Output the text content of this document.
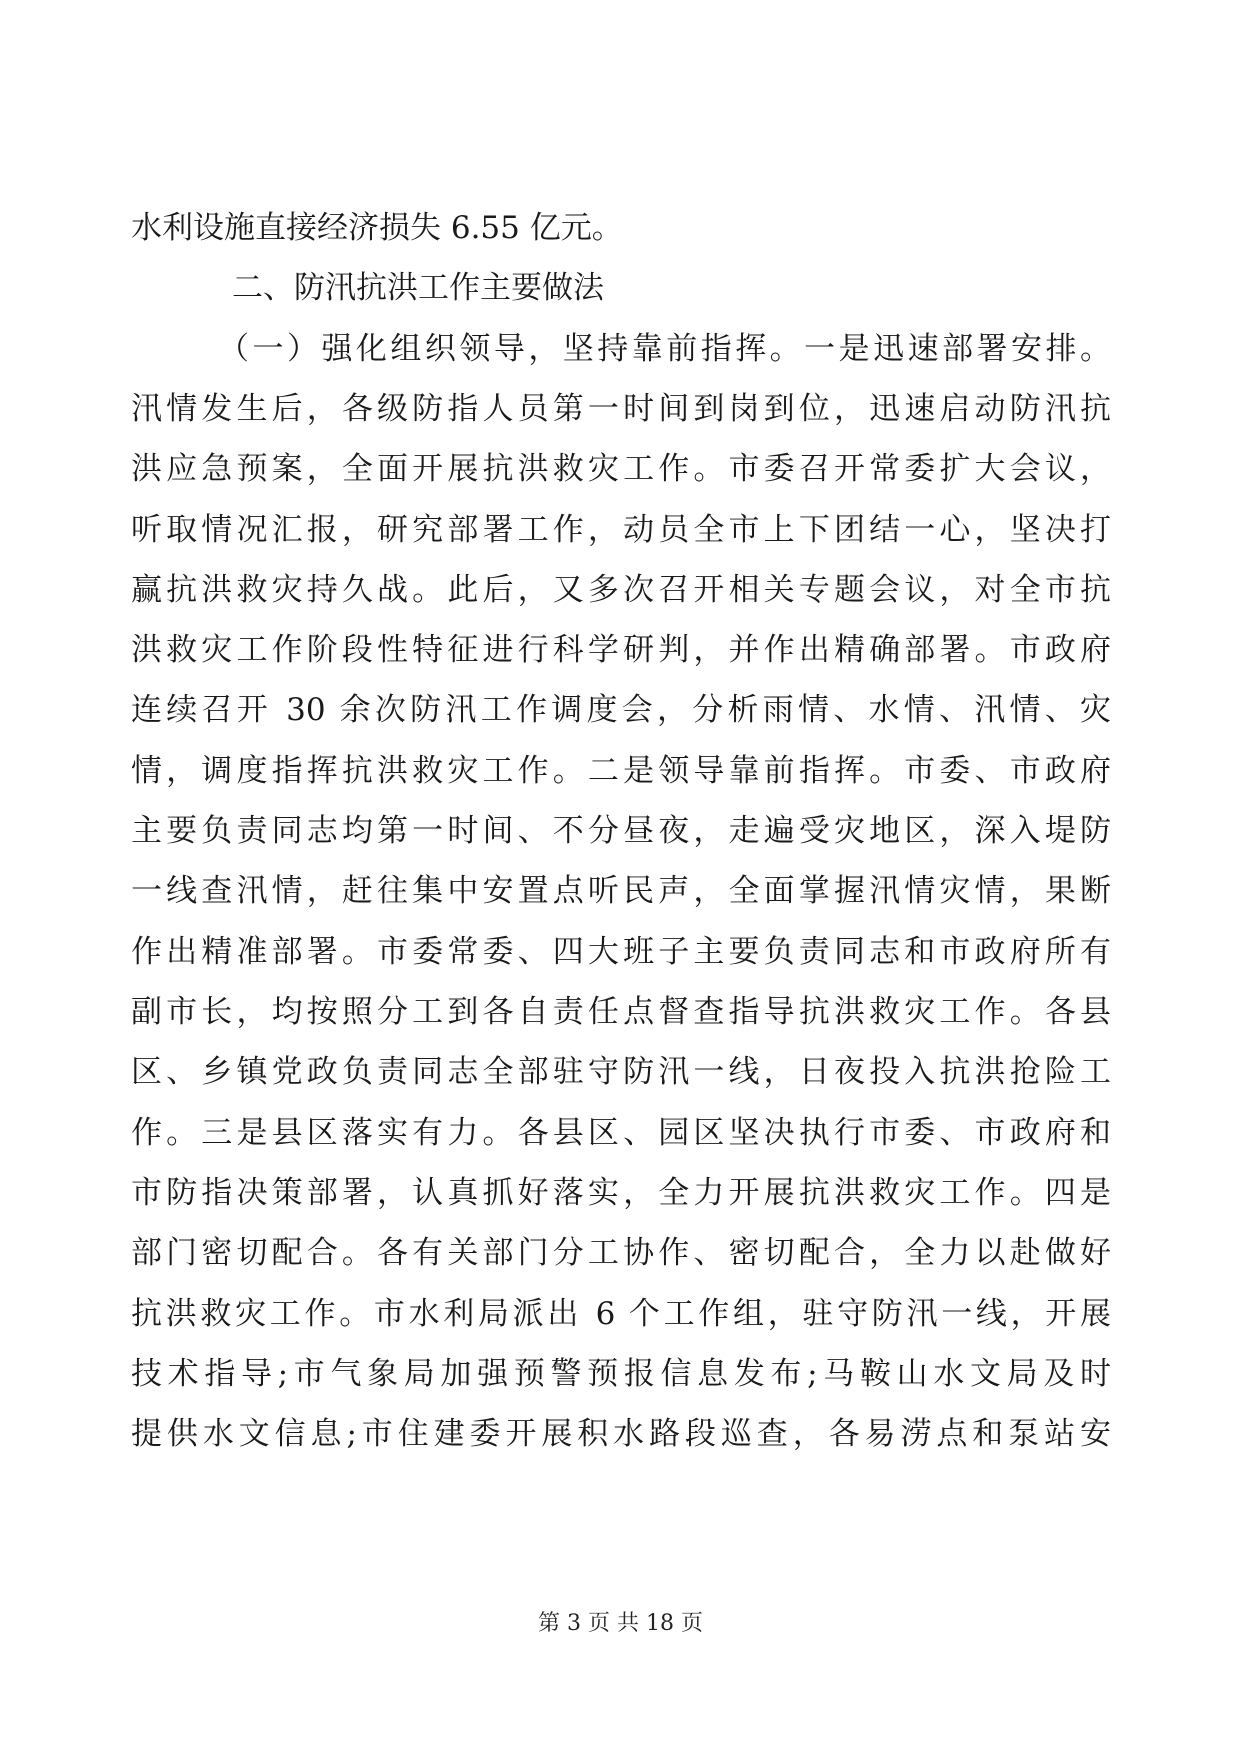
水利设施直接经济损失 6.55 亿元。
二、防汛抗洪工作主要做法
（一）强化组织领导，坚持靠前指挥。一是迅速部署安排。
汛情发生后，各级防指人员第一时间到岗到位，迅速启动防汛抗
洪应急预案，全面开展抗洪救灾工作。市委召开常委扩大会议，
听取情况汇报，研究部署工作，动员全市上下团结一心，坚决打
赢抗洪救灾持久战。此后，又多次召开相关专题会议，对全市抗
洪救灾工作阶段性特征进行科学研判，并作出精确部署。市政府
连续召开 30 余次防汛工作调度会，分析雨情、水情、汛情、灾
情，调度指挥抗洪救灾工作。二是领导靠前指挥。市委、市政府
主要负责同志均第一时间、不分昼夜，走遍受灾地区，深入堤防
一线查汛情，赶往集中安置点听民声，全面掌握汛情灾情，果断
作出精准部署。市委常委、四大班子主要负责同志和市政府所有
副市长，均按照分工到各自责任点督查指导抗洪救灾工作。各县
区、乡镇党政负责同志全部驻守防汛一线，日夜投入抗洪抢险工
作。三是县区落实有力。各县区、园区坚决执行市委、市政府和
市防指决策部署，认真抓好落实，全力开展抗洪救灾工作。四是
部门密切配合。各有关部门分工协作、密切配合，全力以赴做好
抗洪救灾工作。市水利局派出 6 个工作组，驻守防汛一线，开展
技术指导;市气象局加强预警预报信息发布;马鞍山水文局及时
提供水文信息;市住建委开展积水路段巡查，各易涝点和泵站安
第 3 页 共 18 页
